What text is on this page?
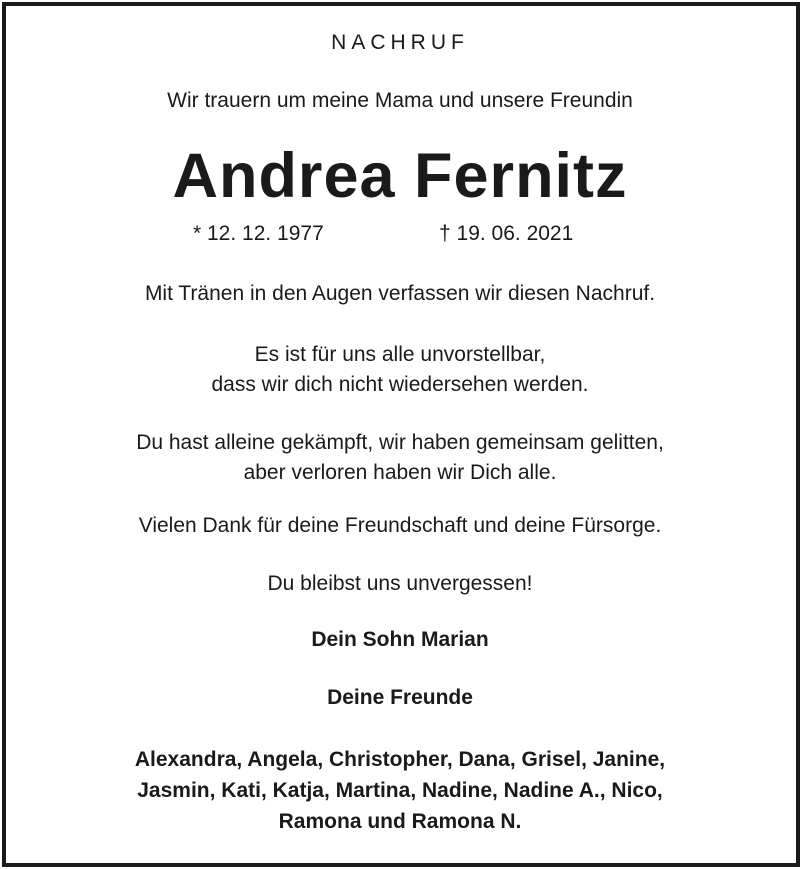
NACHRUF
Wir trauern um meine Mama und unsere Freundin
Andrea Fernitz
* 12. 12. 1977	† 19. 06. 2021
Mit Tränen in den Augen verfassen wir diesen Nachruf.
Es ist für uns alle unvorstellbar,
dass wir dich nicht wiedersehen werden.
Du hast alleine gekämpft, wir haben gemeinsam gelitten,
aber verloren haben wir Dich alle.
Vielen Dank für deine Freundschaft und deine Fürsorge.
Du bleibst uns unvergessen!
Dein Sohn Marian
Deine Freunde
Alexandra, Angela, Christopher, Dana, Grisel, Janine,
Jasmin, Kati, Katja, Martina, Nadine, Nadine A., Nico,
Ramona und Ramona N.
